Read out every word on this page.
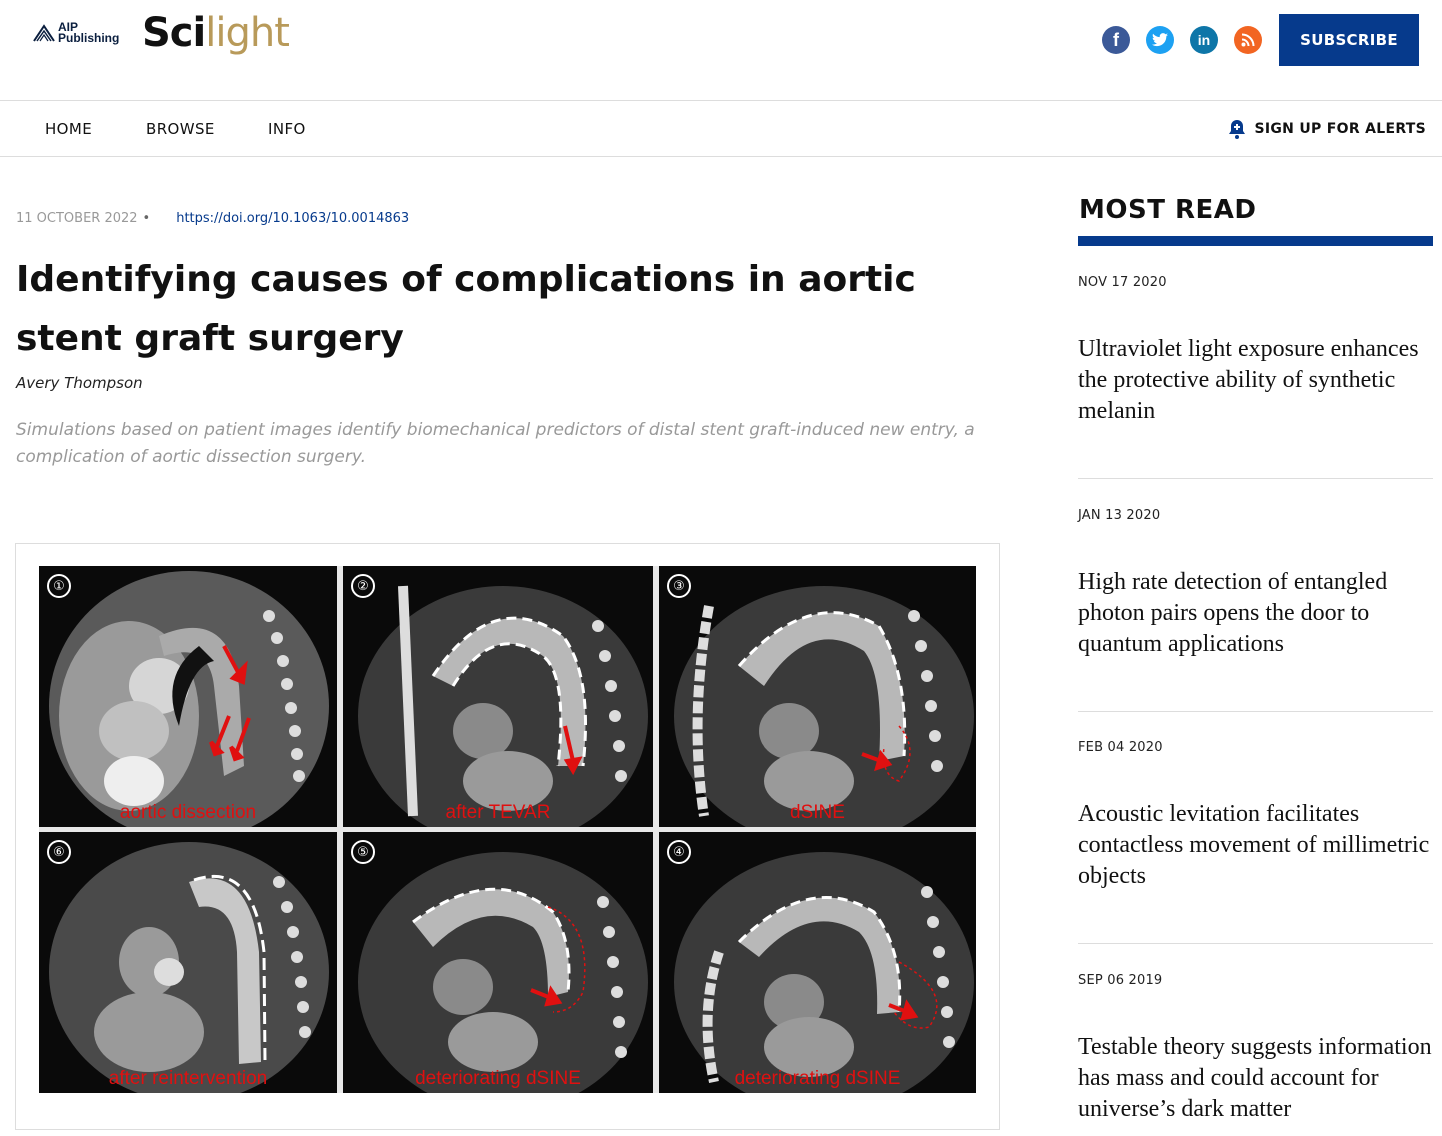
AIP
Publishing Scilight	f	in	SUBSCRIBE
HOME	BROWSE	INFO	SIGN UP FOR ALERTS
11 OCTOBER 2022 • https://doi.org/10.1063/10.0014863
Identifying causes of complications in aortic stent graft surgery
Avery Thompson
Simulations based on patient images identify biomechanical predictors of distal stent graft-induced new entry, a complication of aortic dissection surgery.
①
aortic dissection
②
after TEVAR
③
dSINE
⑥
after reintervention
⑤
deteriorating dSINE
④
deteriorating dSINE
MOST READ
NOV 17 2020
Ultraviolet light exposure enhances the protective ability of synthetic melanin
JAN 13 2020
High rate detection of entangled photon pairs opens the door to quantum applications
FEB 04 2020
Acoustic levitation facilitates contactless movement of millimetric objects
SEP 06 2019
Testable theory suggests information has mass and could account for universe’s dark matter
